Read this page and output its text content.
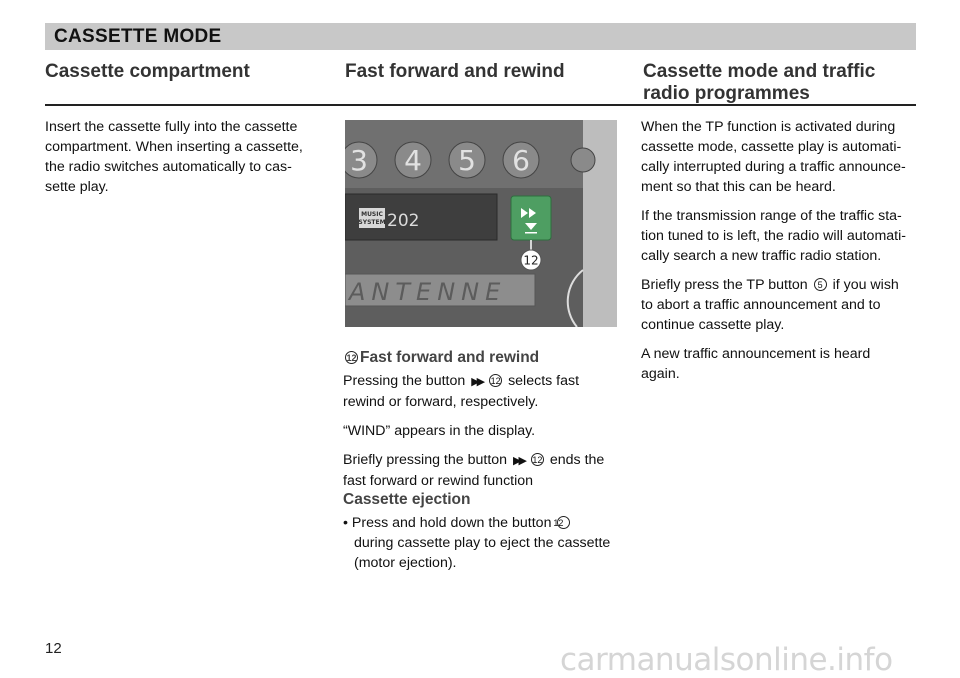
CASSETTE MODE
Cassette compartment	Fast forward and rewind	Cassette mode and traffic
radio programmes
Insert the cassette fully into the cassette
compartment. When inserting a cassette,
the radio switches automatically to cas-
sette play.
3 4 5 6
MUSIC
SYSTEM 202
12
ANTENNE
12 Fast forward and rewind

Pressing the button ▶▶ 12 selects fast
rewind or forward, respectively.

“WIND” appears in the display.

Briefly pressing the button ▶▶ 12 ends the
fast forward or rewind function

Cassette ejection
• Press and hold down the button 12
during cassette play to eject the cassette
(motor ejection).

When the TP function is activated during
cassette mode, cassette play is automati-
cally interrupted during a traffic announce-
ment so that this can be heard.

If the transmission range of the traffic sta-
tion tuned to is left, the radio will automati-
cally search a new traffic radio station.

Briefly press the TP button 5 if you wish
to abort a traffic announcement and to
continue cassette play.

A new traffic announcement is heard
again.

12	carmanualsonline.info
